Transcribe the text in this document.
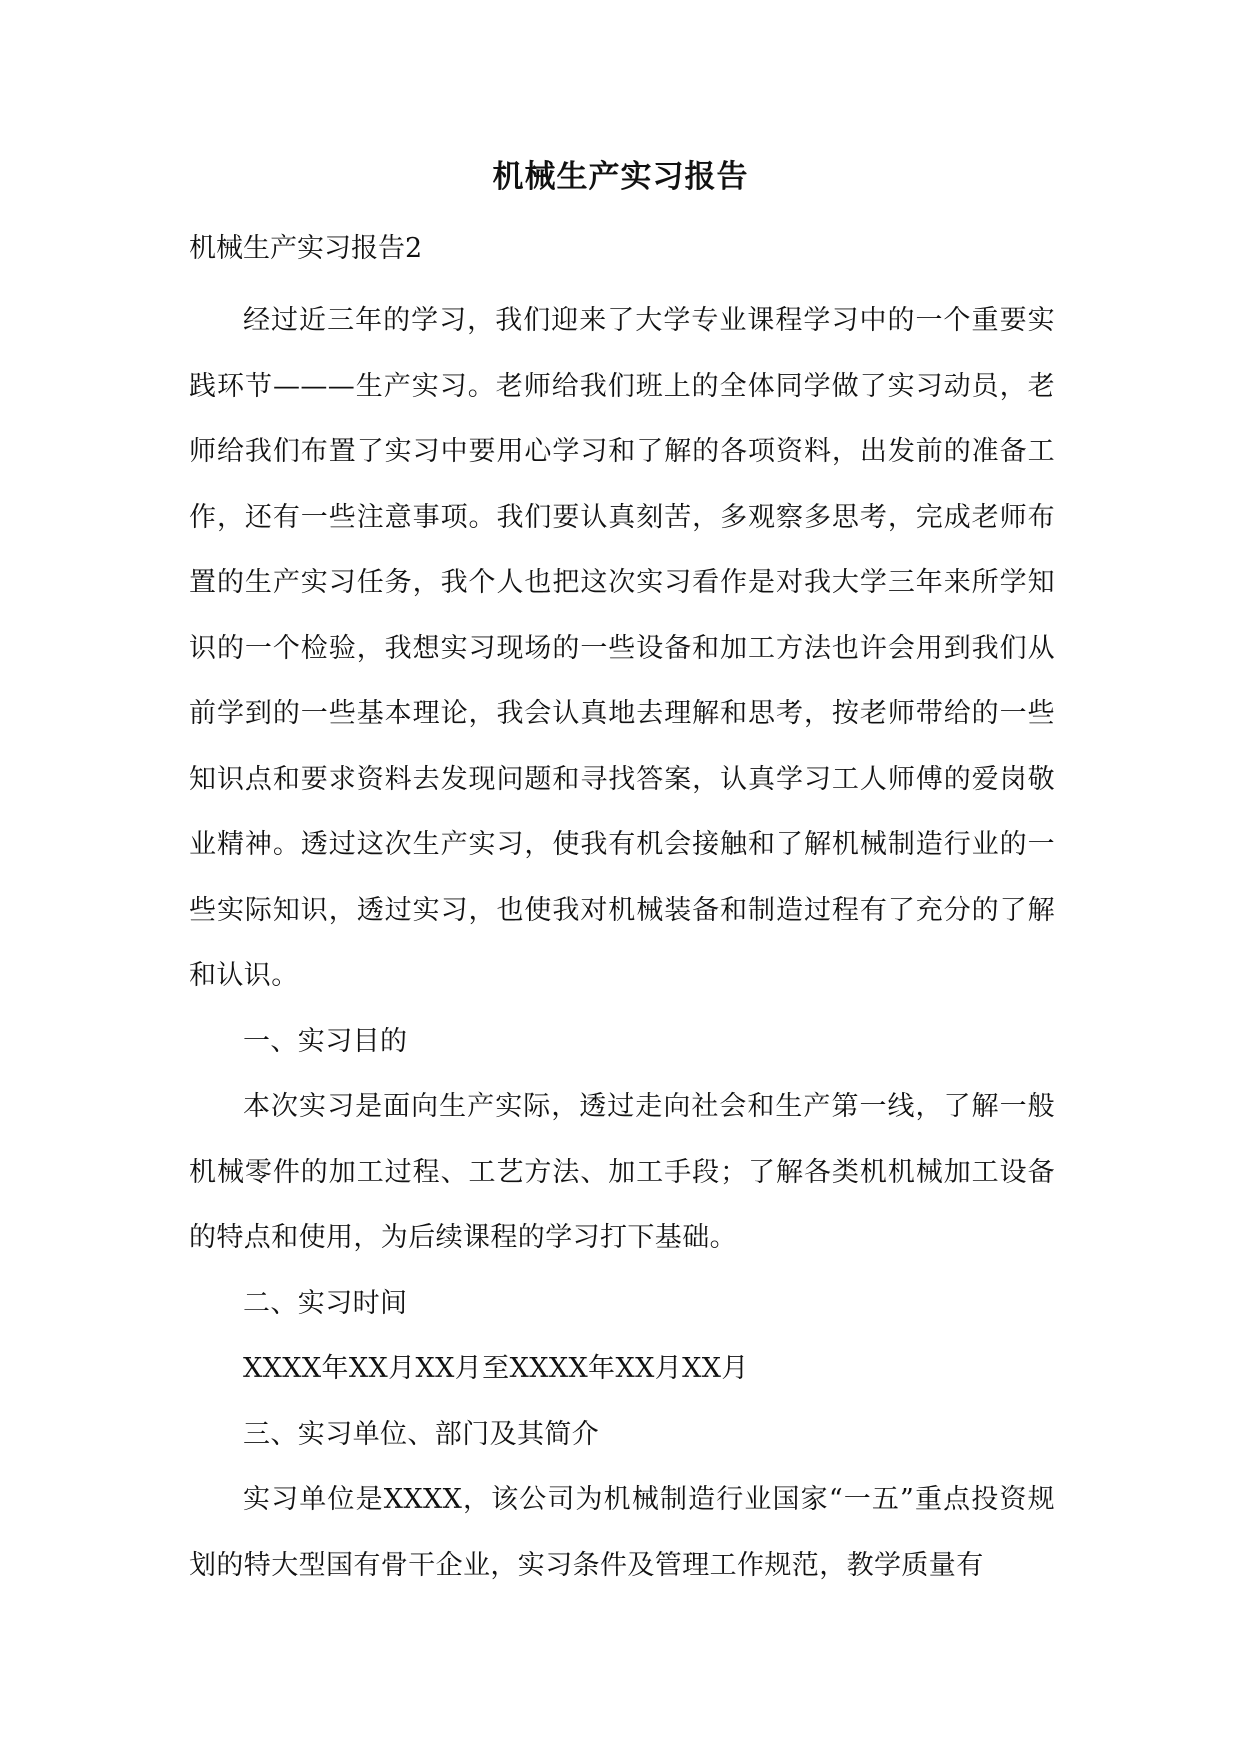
机械生产实习报告

机械生产实习报告2

经过近三年的学习，我们迎来了大学专业课程学习中的一个重要实践环节———生产实习。老师给我们班上的全体同学做了实习动员，老师给我们布置了实习中要用心学习和了解的各项资料，出发前的准备工作，还有一些注意事项。我们要认真刻苦，多观察多思考，完成老师布置的生产实习任务，我个人也把这次实习看作是对我大学三年来所学知识的一个检验，我想实习现场的一些设备和加工方法也许会用到我们从前学到的一些基本理论，我会认真地去理解和思考，按老师带给的一些知识点和要求资料去发现问题和寻找答案，认真学习工人师傅的爱岗敬业精神。透过这次生产实习，使我有机会接触和了解机械制造行业的一些实际知识，透过实习，也使我对机械装备和制造过程有了充分的了解和认识。

一、实习目的

本次实习是面向生产实际，透过走向社会和生产第一线，了解一般机械零件的加工过程、工艺方法、加工手段；了解各类机机械加工设备的特点和使用，为后续课程的学习打下基础。

二、实习时间

XXXX年XX月XX月至XXXX年XX月XX月

三、实习单位、部门及其简介

实习单位是XXXX，该公司为机械制造行业国家“一五”重点投资规划的特大型国有骨干企业，实习条件及管理工作规范，教学质量有
